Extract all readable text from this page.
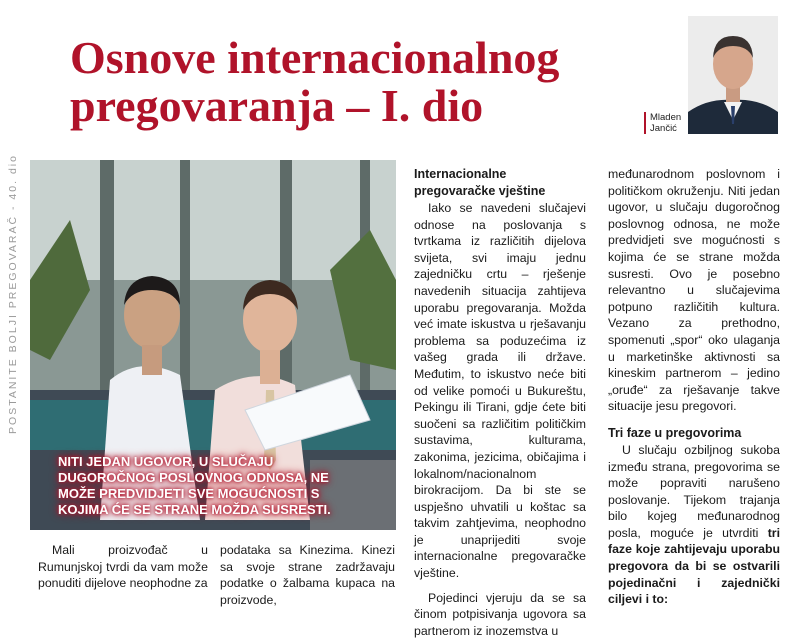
POSTANITE BOLJI PREGOVARAČ - 40. dio
Osnove internacionalnog pregovaranja – I. dio	Mladen
Jančić

NITI JEDAN UGOVOR, U SLUČAJU DUGOROČNOG POSLOVNOG ODNOSA, NE MOŽE PREDVIDJETI SVE MOGUĆNOSTI S KOJIMA ĆE SE STRANE MOŽDA SUSRESTI.

Mali proizvođač u Rumunjskoj tvrdi da vam može ponuditi dijelove neophodne za

podataka sa Kinezima. Kinezi sa svoje strane zadržavaju podatke o žalbama kupaca na proizvode,

Internacionalne pregovaračke vještine

Iako se navedeni slučajevi odnose na poslovanja s tvrtkama iz različitih dijelova svijeta, svi imaju jednu zajedničku crtu – rješenje navedenih situacija zahtijeva uporabu pregovaranja. Možda već imate iskustva u rješavanju problema sa poduzećima iz vašeg grada ili države. Međutim, to iskustvo neće biti od velike pomoći u Bukureštu, Pekingu ili Tirani, gdje ćete biti suočeni sa različitim političkim sustavima, kulturama, zakonima, jezicima, običajima i lokalnom/nacionalnom birokracijom. Da bi ste se uspješno uhvatili u koštac sa takvim zahtjevima, neophodno je unaprijediti svoje internacionalne pregovaračke vještine.

Pojedinci vjeruju da se sa činom potpisivanja ugovora sa partnerom iz inozemstva u

međunarodnom poslovnom i političkom okruženju. Niti jedan ugovor, u slučaju dugoročnog poslovnog odnosa, ne može predvidjeti sve mogućnosti s kojima će se strane možda susresti. Ovo je posebno relevantno u slučajevima potpuno različitih kultura. Vezano za prethodno, spomenuti „spor“ oko ulaganja u marketinške aktivnosti sa kineskim partnerom – jedino „oruđe“ za rješavanje takve situacije jesu pregovori.

Tri faze u pregovorima

U slučaju ozbiljnog sukoba između strana, pregovorima se može popraviti narušeno poslovanje. Tijekom trajanja bilo kojeg međunarodnog posla, moguće je utvrditi tri faze koje zahtijevaju uporabu pregovora da bi se ostvarili pojedinačni i zajednički ciljevi i to:
